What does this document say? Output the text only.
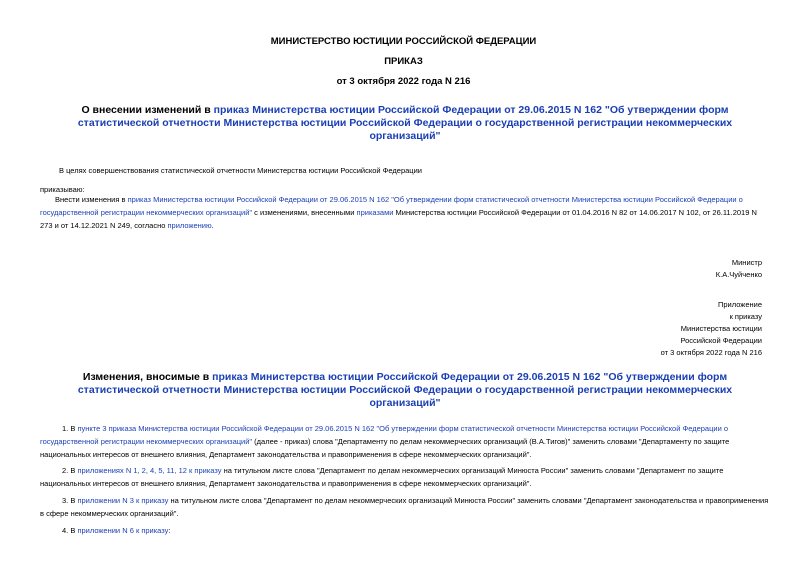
МИНИСТЕРСТВО ЮСТИЦИИ РОССИЙСКОЙ ФЕДЕРАЦИИ
ПРИКАЗ
от 3 октября 2022 года N 216
О внесении изменений в приказ Министерства юстиции Российской Федерации от 29.06.2015 N 162 "Об утверждении форм статистической отчетности Министерства юстиции Российской Федерации о государственной регистрации некоммерческих организаций"
В целях совершенствования статистической отчетности Министерства юстиции Российской Федерации
приказываю:
Внести изменения в приказ Министерства юстиции Российской Федерации от 29.06.2015 N 162 "Об утверждении форм статистической отчетности Министерства юстиции Российской Федерации о государственной регистрации некоммерческих организаций" с изменениями, внесенными приказами Министерства юстиции Российской Федерации от 01.04.2016 N 82 от 14.06.2017 N 102, от 26.11.2019 N 273 и от 14.12.2021 N 249, согласно приложению.
Министр
К.А.Чуйченко
Приложение
к приказу
Министерства юстиции
Российской Федерации
от 3 октября 2022 года N 216
Изменения, вносимые в приказ Министерства юстиции Российской Федерации от 29.06.2015 N 162 "Об утверждении форм статистической отчетности Министерства юстиции Российской Федерации о государственной регистрации некоммерческих организаций"
1. В пункте 3 приказа Министерства юстиции Российской Федерации от 29.06.2015 N 162 "Об утверждении форм статистической отчетности Министерства юстиции Российской Федерации о государственной регистрации некоммерческих организаций" (далее - приказ) слова "Департаменту по делам некоммерческих организаций (В.А.Тигов)" заменить словами "Департаменту по защите национальных интересов от внешнего влияния, Департамент законодательства и правоприменения в сфере некоммерческих организаций".
2. В приложениях N 1, 2, 4, 5, 11, 12 к приказу на титульном листе слова "Департамент по делам некоммерческих организаций Минюста России" заменить словами "Департамент по защите национальных интересов от внешнего влияния, Департамент законодательства и правоприменения в сфере некоммерческих организаций".
3. В приложении N 3 к приказу на титульном листе слова "Департамент по делам некоммерческих организаций Минюста России" заменить словами "Департамент законодательства и правоприменения в сфере некоммерческих организаций".
4. В приложении N 6 к приказу:
